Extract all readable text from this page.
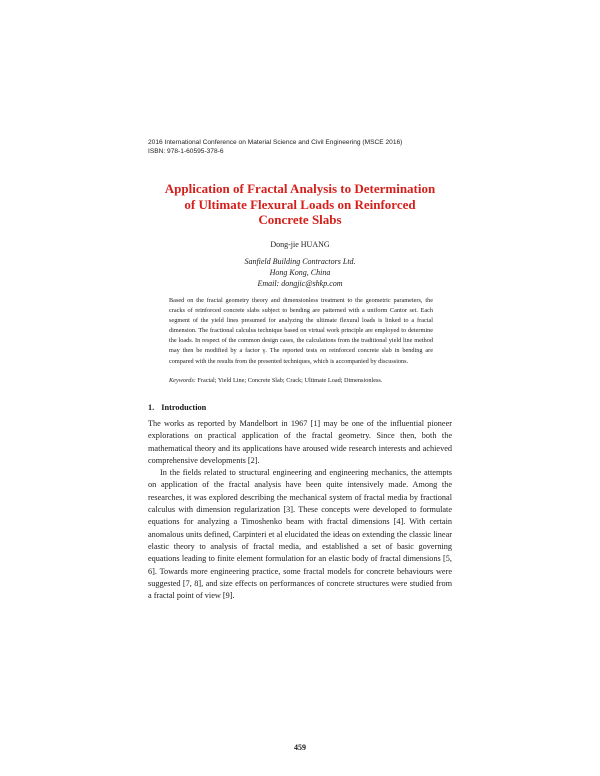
2016 International Conference on Material Science and Civil Engineering (MSCE 2016)
ISBN: 978-1-60595-378-6
Application of Fractal Analysis to Determination
of Ultimate Flexural Loads on Reinforced
Concrete Slabs
Dong-jie HUANG
Sanfield Building Contractors Ltd.
Hong Kong, China
Email: dongjic@shkp.com

Based on the fractal geometry theory and dimensionless treatment to the geometric parameters, the cracks of reinforced concrete slabs subject to bending are patterned with a uniform Cantor set. Each segment of the yield lines presumed for analyzing the ultimate flexural loads is linked to a fractal dimension. The fractional calculus technique based on virtual work principle are employed to determine the loads. In respect of the common design cases, the calculations from the traditional yield line method may then be modified by a factor γ. The reported tests on reinforced concrete slab in bending are compared with the results from the presented techniques, which is accompanied by discussions.

Keywords: Fractal; Yield Line; Concrete Slab; Crack; Ultimate Load; Dimensionless.
1. Introduction

The works as reported by Mandelbort in 1967 [1] may be one of the influential pioneer explorations on practical application of the fractal geometry. Since then, both the mathematical theory and its applications have aroused wide research interests and achieved comprehensive developments [2].

In the fields related to structural engineering and engineering mechanics, the attempts on application of the fractal analysis have been quite intensively made. Among the researches, it was explored describing the mechanical system of fractal media by fractional calculus with dimension regularization [3]. These concepts were developed to formulate equations for analyzing a Timoshenko beam with fractal dimensions [4]. With certain anomalous units defined, Carpinteri et al elucidated the ideas on extending the classic linear elastic theory to analysis of fractal media, and established a set of basic governing equations leading to finite element formulation for an elastic body of fractal dimensions [5, 6]. Towards more engineering practice, some fractal models for concrete behaviours were suggested [7, 8], and size effects on performances of concrete structures were studied from a fractal point of view [9].

459
